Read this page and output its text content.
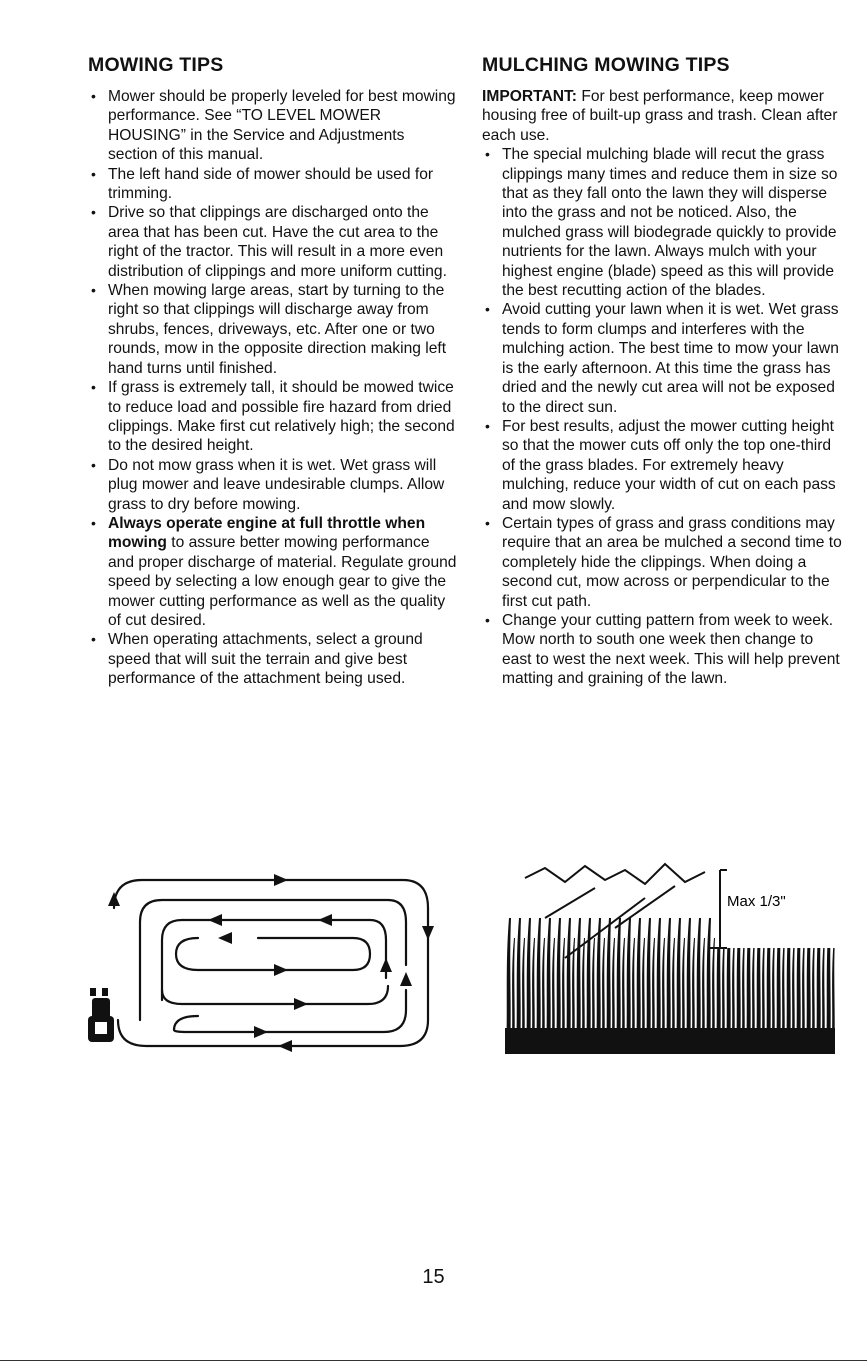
MOWING TIPS
• Mower should be properly leveled for best mowing performance. See “TO LEVEL MOWER HOUSING” in the Service and Adjustments section of this manual.
• The left hand side of mower should be used for trimming.
• Drive so that clippings are discharged onto the area that has been cut. Have the cut area to the right of the tractor. This will result in a more even distribution of clippings and more uniform cutting.
• When mowing large areas, start by turning to the right so that clippings will discharge away from shrubs, fences, driveways, etc. After one or two rounds, mow in the opposite direction making left hand turns until finished.
• If grass is extremely tall, it should be mowed twice to reduce load and possible fire hazard from dried clippings. Make first cut relatively high; the second to the desired height.
• Do not mow grass when it is wet. Wet grass will plug mower and leave undesirable clumps. Allow grass to dry before mowing.
• Always operate engine at full throttle when mowing to assure better mowing performance and proper discharge of material. Regulate ground speed by selecting a low enough gear to give the mower cutting performance as well as the quality of cut desired.
• When operating attachments, select a ground speed that will suit the terrain and give best performance of the attachment being used.
MULCHING MOWING TIPS

IMPORTANT: For best performance, keep mower housing free of built-up grass and trash. Clean after each use.

• The special mulching blade will recut the grass clippings many times and reduce them in size so that as they fall onto the lawn they will disperse into the grass and not be noticed. Also, the mulched grass will biodegrade quickly to provide nutrients for the lawn. Always mulch with your highest engine (blade) speed as this will provide the best recutting action of the blades.
• Avoid cutting your lawn when it is wet. Wet grass tends to form clumps and interferes with the mulching action. The best time to mow your lawn is the early afternoon. At this time the grass has dried and the newly cut area will not be exposed to the direct sun.
• For best results, adjust the mower cutting height so that the mower cuts off only the top one-third of the grass blades. For extremely heavy mulching, reduce your width of cut on each pass and mow slowly.
• Certain types of grass and grass conditions may require that an area be mulched a second time to completely hide the clippings. When doing a second cut, mow across or perpendicular to the first cut path.
• Change your cutting pattern from week to week. Mow north to south one week then change to east to west the next week. This will help prevent matting and graining of the lawn.
Max 1/3"
15
